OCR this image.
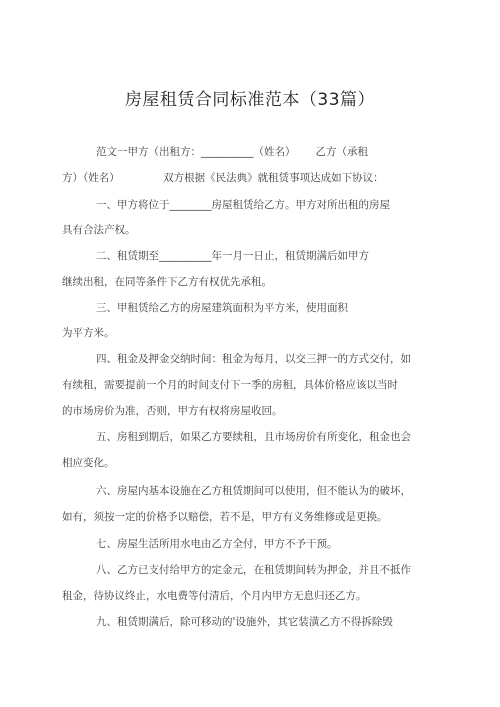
房屋租赁合同标准范本（33篇）

范文一甲方（出租方：__________（姓名）      乙方（承租

方）（姓名）             双方根据《民法典》就租赁事项达成如下协议：

一、甲方将位于________房屋租赁给乙方。甲方对所出租的房屋

具有合法产权。

二、租赁期至__________年一月一日止，租赁期满后如甲方

继续出租，在同等条件下乙方有权优先承租。

三、甲租赁给乙方的房屋建筑面积为平方米，使用面积

为平方米。

四、租金及押金交纳时间：租金为每月，以交三押一的方式交付，如

有续租，需要提前一个月的时间支付下一季的房租，具体价格应该以当时

的市场房价为准，否则，甲方有权将房屋收回。

五、房租到期后，如果乙方要续租，且市场房价有所变化，租金也会

相应变化。

六、房屋内基本设施在乙方租赁期间可以使用，但不能认为的破坏，

如有，须按一定的价格予以赔偿，若不是，甲方有义务维修或是更换。

七、房屋生活所用水电由乙方全付，甲方不予干预。

八、乙方已支付给甲方的定金元，在租赁期间转为押金，并且不抵作

租金，待协议终止，水电费等付清后，个月内甲方无息归还乙方。

九、租赁期满后，除可移动的'设施外，其它装潢乙方不得拆除毁
